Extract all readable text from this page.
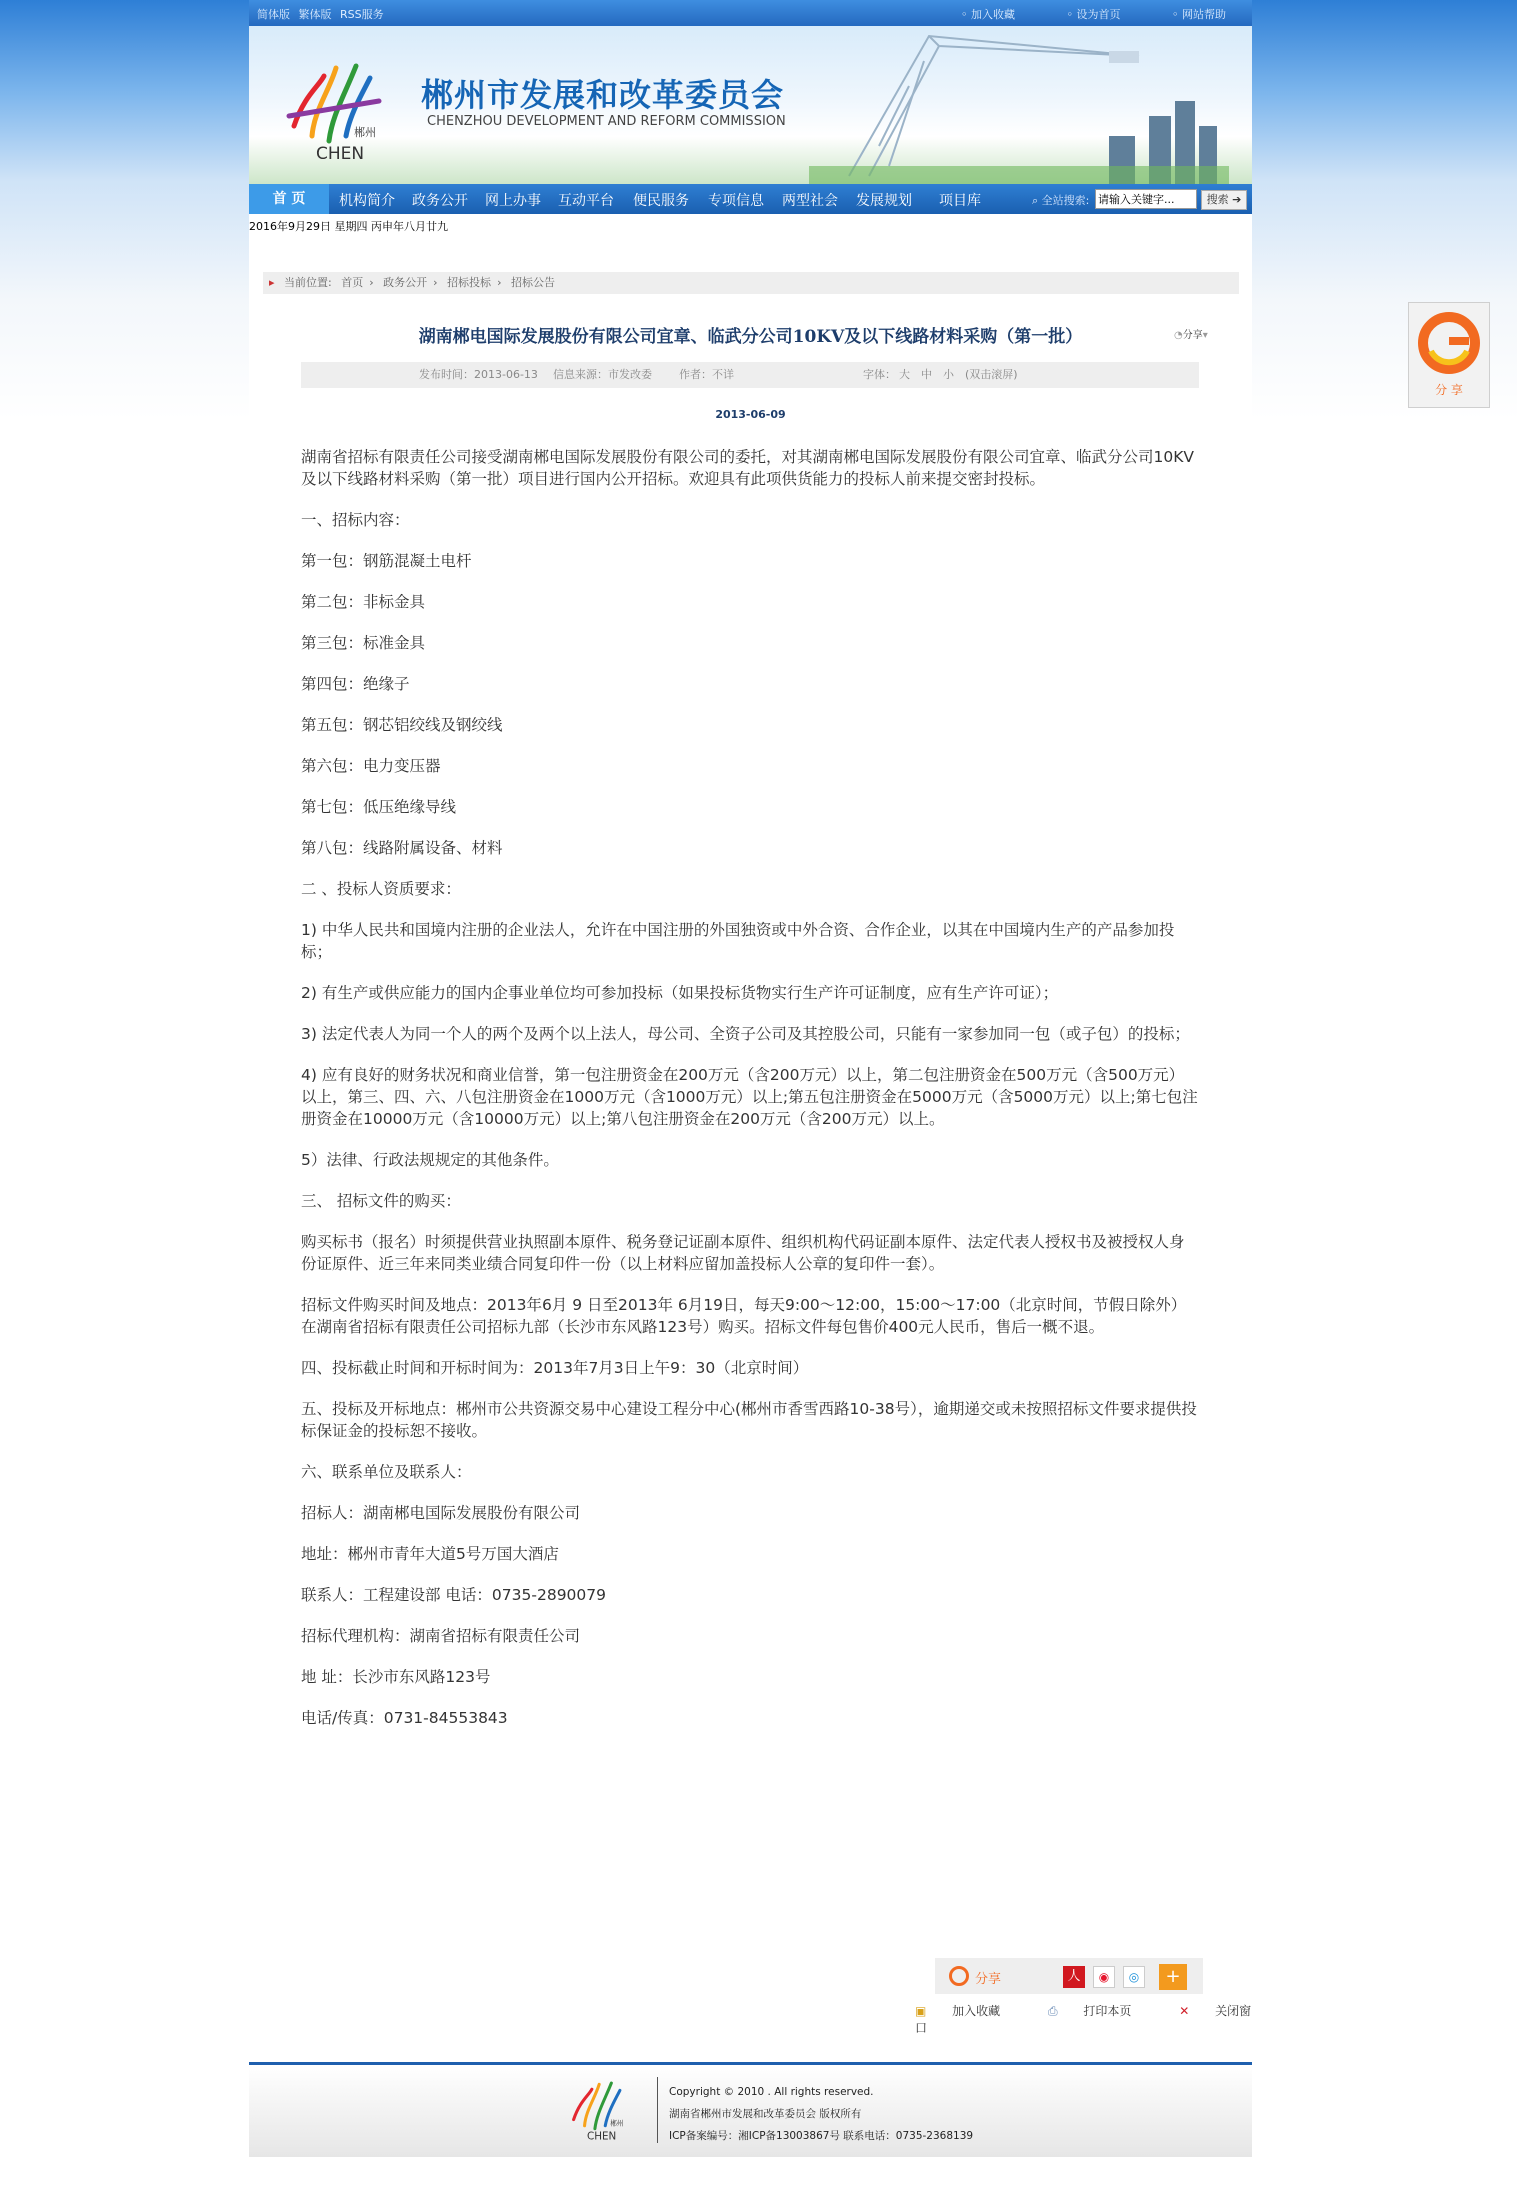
简体版 繁体版 RSS服务	◦ 加入收藏	◦ 设为首页	◦ 网站帮助
郴州
CHEN
郴州市发展和改革委员会
CHENZHOU DEVELOPMENT AND REFORM COMMISSION
首 页	机构简介 政务公开 网上办事 互动平台 便民服务 专项信息 两型社会 发展规划 项目库	⌕ 全站搜索:
请输入关键字...	搜索 ➔
2016年9月29日 星期四 丙申年八月廿九
▸ 当前位置: 首页 › 政务公开 › 招标投标 › 招标公告
湖南郴电国际发展股份有限公司宜章、临武分公司10KV及以下线路材料采购（第一批）	◔分享▾
发布时间：2013-06-13 信息来源：市发改委 作者：不详	字体： 大 中 小 (双击滚屏)
2013-06-09

湖南省招标有限责任公司接受湖南郴电国际发展股份有限公司的委托，对其湖南郴电国际发展股份有限公司宜章、临武分公司10KV及以下线路材料采购（第一批）项目进行国内公开招标。欢迎具有此项供货能力的投标人前来提交密封投标。

一、招标内容：

第一包：钢筋混凝土电杆

第二包：非标金具

第三包：标准金具

第四包：绝缘子

第五包：钢芯铝绞线及钢绞线

第六包：电力变压器

第七包：低压绝缘导线

第八包：线路附属设备、材料

二 、投标人资质要求：

1) 中华人民共和国境内注册的企业法人，允许在中国注册的外国独资或中外合资、合作企业，以其在中国境内生产的产品参加投标；

2) 有生产或供应能力的国内企事业单位均可参加投标（如果投标货物实行生产许可证制度，应有生产许可证）；

3) 法定代表人为同一个人的两个及两个以上法人，母公司、全资子公司及其控股公司，只能有一家参加同一包（或子包）的投标；

4) 应有良好的财务状况和商业信誉，第一包注册资金在200万元（含200万元）以上，第二包注册资金在500万元（含500万元）以上，第三、四、六、八包注册资金在1000万元（含1000万元）以上;第五包注册资金在5000万元（含5000万元）以上;第七包注册资金在10000万元（含10000万元）以上;第八包注册资金在200万元（含200万元）以上。

5）法律、行政法规规定的其他条件。

三、 招标文件的购买：

购买标书（报名）时须提供营业执照副本原件、税务登记证副本原件、组织机构代码证副本原件、法定代表人授权书及被授权人身份证原件、近三年来同类业绩合同复印件一份（以上材料应留加盖投标人公章的复印件一套）。

招标文件购买时间及地点：2013年6月 9 日至2013年 6月19日，每天9:00～12:00，15:00～17:00（北京时间，节假日除外）在湖南省招标有限责任公司招标九部（长沙市东风路123号）购买。招标文件每包售价400元人民币，售后一概不退。

四、投标截止时间和开标时间为：2013年7月3日上午9：30（北京时间）

五、投标及开标地点：郴州市公共资源交易中心建设工程分中心(郴州市香雪西路10-38号），逾期递交或未按照招标文件要求提供投标保证金的投标恕不接收。

六、联系单位及联系人：

招标人：湖南郴电国际发展股份有限公司

地址：郴州市青年大道5号万国大酒店

联系人：工程建设部 电话：0735-2890079

招标代理机构：湖南省招标有限责任公司

地 址：长沙市东风路123号

电话/传真：0731-84553843

分享	人	◉	◎	+
▣ 加入收藏	⎙ 打印本页	✕ 关闭窗口
郴州
CHEN
Copyright © 2010 . All rights reserved.
湖南省郴州市发展和改革委员会 版权所有
ICP备案编号：湘ICP备13003867号 联系电话：0735-2368139
分 享
